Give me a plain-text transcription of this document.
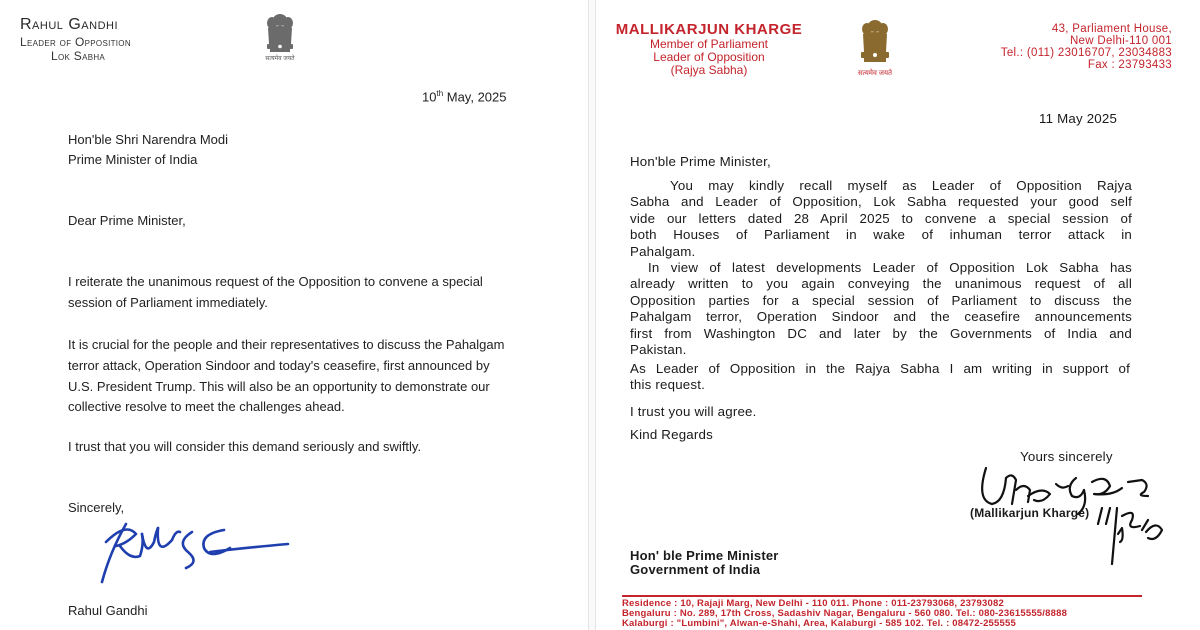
Rahul Gandhi
Leader of Opposition
Lok Sabha	सत्यमेव जयते
10th May, 2025
Hon'ble Shri Narendra Modi
Prime Minister of India
Dear Prime Minister,
I reiterate the unanimous request of the Opposition to convene a special
session of Parliament immediately.
It is crucial for the people and their representatives to discuss the Pahalgam
terror attack, Operation Sindoor and today's ceasefire, first announced by
U.S. President Trump. This will also be an opportunity to demonstrate our
collective resolve to meet the challenges ahead.
I trust that you will consider this demand seriously and swiftly.
Sincerely,
Rahul Gandhi
MALLIKARJUN KHARGE
Member of Parliament
Leader of Opposition
(Rajya Sabha)	सत्यमेव जयते
43, Parliament House,
New Delhi-110 001
Tel.: (011) 23016707, 23034883
Fax : 23793433
11 May 2025
Hon'ble Prime Minister,
You may kindly recall myself as Leader of Opposition Rajya
Sabha and Leader of Opposition, Lok Sabha requested your good self
vide our letters dated 28 April 2025 to convene a special session of
both Houses of Parliament in wake of inhuman terror attack in
Pahalgam.
In view of latest developments Leader of Opposition Lok Sabha has
already written to you again conveying the unanimous request of all
Opposition parties for a special session of Parliament to discuss the
Pahalgam terror, Operation Sindoor and the ceasefire announcements
first from Washington DC and later by the Governments of India and
Pakistan.
As Leader of Opposition in the Rajya Sabha I am writing in support of
this request.
I trust you will agree.
Kind Regards
Yours sincerely
(Mallikarjun Kharge)
Hon' ble Prime Minister
Government of India
Residence : 10, Rajaji Marg, New Delhi - 110 011. Phone : 011-23793068, 23793082
Bengaluru : No. 289, 17th Cross, Sadashiv Nagar, Bengaluru - 560 080. Tel.: 080-23615555/8888
Kalaburgi : "Lumbini", Alwan-e-Shahi, Area, Kalaburgi - 585 102. Tel. : 08472-255555
